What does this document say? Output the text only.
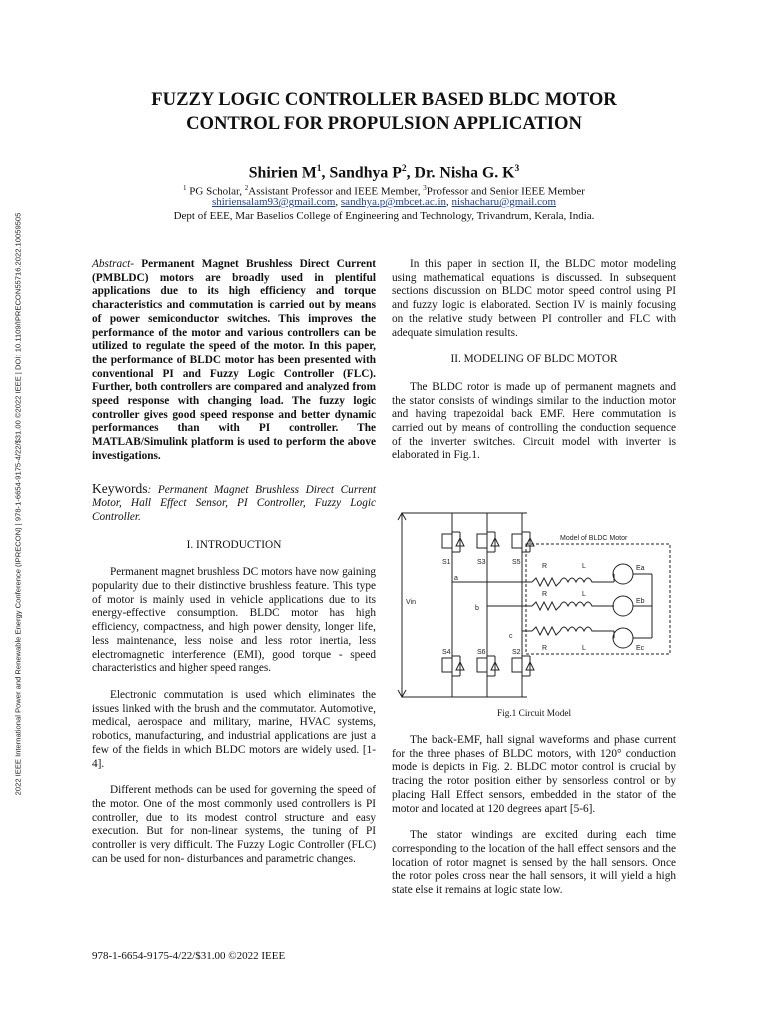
2022 IEEE International Power and Renewable Energy Conference (IPRECON) | 978-1-6654-9175-4/22/$31.00 ©2022 IEEE | DOI: 10.1109/IPRECON55716.2022.10059505
FUZZY LOGIC CONTROLLER BASED BLDC MOTOR
CONTROL FOR PROPULSION APPLICATION

Shirien $M^1$, Sandhya $P^2$, Dr. Nisha G. $K^3$

$^1$ PG Scholar, $^2$Assistant Professor and IEEE Member, $^3$Professor and Senior IEEE Member

shiriensalam93@gmail.com, sandhya.p@mbcet.ac.in, nishacharu@gmail.com

Dept of EEE, Mar Baselios College of Engineering and Technology, Trivandrum, Kerala, India.

Abstract- Permanent Magnet Brushless Direct Current (PMBLDC) motors are broadly used in plentiful applications due to its high efficiency and torque characteristics and commutation is carried out by means of power semiconductor switches. This improves the performance of the motor and various controllers can be utilized to regulate the speed of the motor. In this paper, the performance of BLDC motor has been presented with conventional PI and Fuzzy Logic Controller (FLC). Further, both controllers are compared and analyzed from speed response with changing load. The fuzzy logic controller gives good speed response and better dynamic performances than with PI controller. The MATLAB/Simulink platform is used to perform the above investigations.

Keywords: Permanent Magnet Brushless Direct Current Motor, Hall Effect Sensor, PI Controller, Fuzzy Logic Controller.

I. INTRODUCTION

Permanent magnet brushless DC motors have now gaining popularity due to their distinctive brushless feature. This type of motor is mainly used in vehicle applications due to its energy-effective consumption. BLDC motor has high efficiency, compactness, and high power density, longer life, less maintenance, less noise and less rotor inertia, less electromagnetic interference (EMI), good torque - speed characteristics and higher speed ranges.

Electronic commutation is used which eliminates the issues linked with the brush and the commutator. Automotive, medical, aerospace and military, marine, HVAC systems, robotics, manufacturing, and industrial applications are just a few of the fields in which BLDC motors are widely used. [1-4].

Different methods can be used for governing the speed of the motor. One of the most commonly used controllers is PI controller, due to its modest control structure and easy execution. But for non-linear systems, the tuning of PI controller is very difficult. The Fuzzy Logic Controller (FLC) can be used for non- disturbances and parametric changes.

In this paper in section II, the BLDC motor modeling using mathematical equations is discussed. In subsequent sections discussion on BLDC motor speed control using PI and fuzzy logic is elaborated. Section IV is mainly focusing on the relative study between PI controller and FLC with adequate simulation results.

II. MODELING OF BLDC MOTOR

The BLDC rotor is made up of permanent magnets and the stator consists of windings similar to the induction motor and having trapezoidal back EMF. Here commutation is carried out by means of controlling the conduction sequence of the inverter switches. Circuit model with inverter is elaborated in Fig.1.

Vin
Model of BLDC Motor
S1	S3	S5
S4	S6	S2
a
b
c
R
R
R
L
L
L
Ea
Eb
Ec
Fig.1 Circuit Model

The back-EMF, hall signal waveforms and phase current for the three phases of BLDC motors, with 120° conduction mode is depicts in Fig. 2. BLDC motor control is crucial by tracing the rotor position either by sensorless control or by placing Hall Effect sensors, embedded in the stator of the motor and located at 120 degrees apart [5-6].

The stator windings are excited during each time corresponding to the location of the hall effect sensors and the location of rotor magnet is sensed by the hall sensors. Once the rotor poles cross near the hall sensors, it will yield a high state else it remains at logic state low.

978-1-6654-9175-4/22/$31.00 ©2022 IEEE
